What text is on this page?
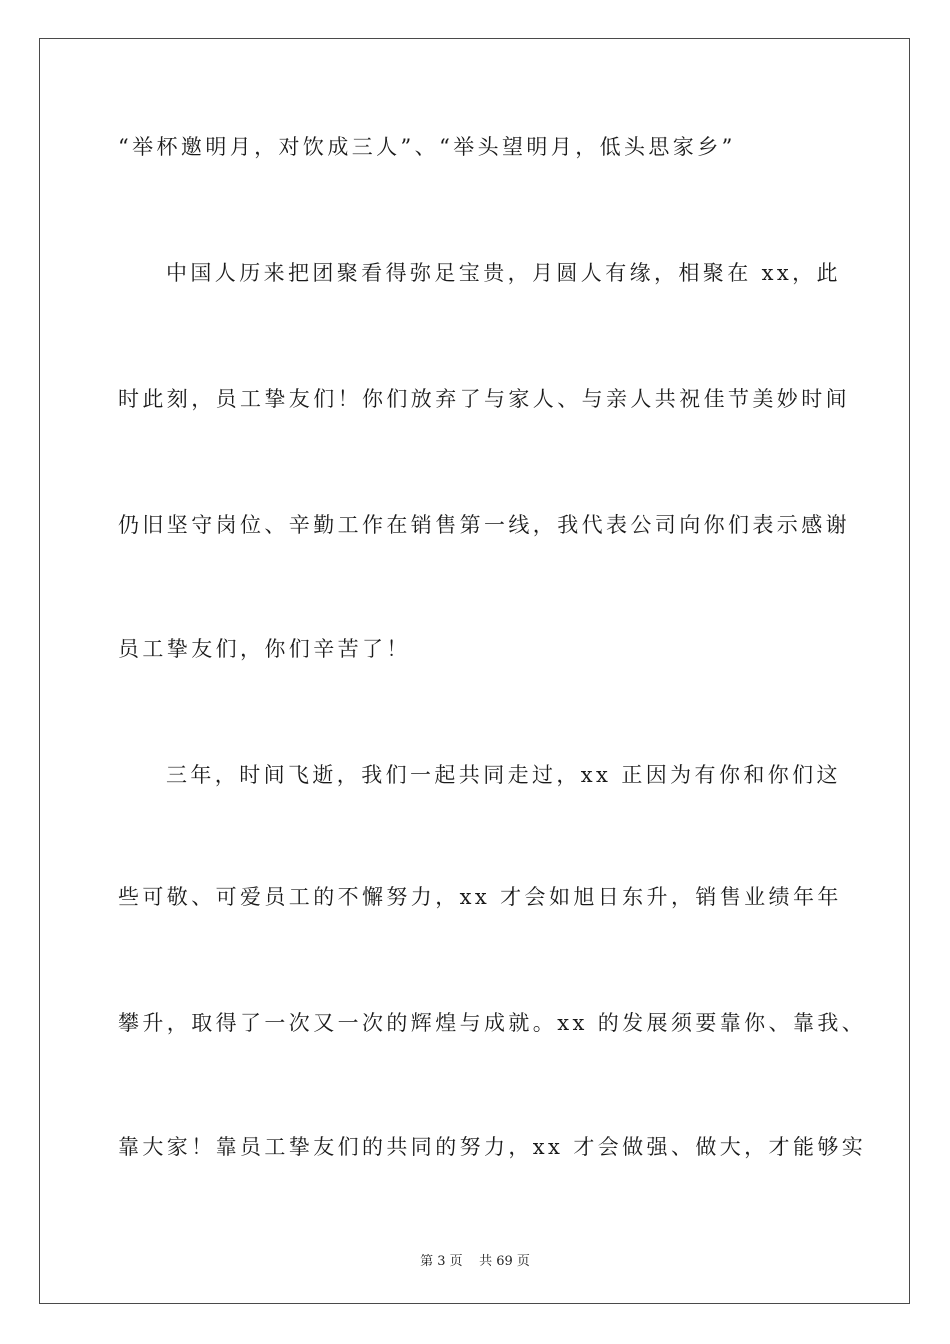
“举杯邀明月，对饮成三人”、“举头望明月，低头思家乡”
中国人历来把团聚看得弥足宝贵，月圆人有缘，相聚在 xx，此
时此刻，员工挚友们！你们放弃了与家人、与亲人共祝佳节美妙时间
仍旧坚守岗位、辛勤工作在销售第一线，我代表公司向你们表示感谢
员工挚友们，你们辛苦了！
三年，时间飞逝，我们一起共同走过，xx 正因为有你和你们这
些可敬、可爱员工的不懈努力，xx 才会如旭日东升，销售业绩年年
攀升，取得了一次又一次的辉煌与成就。xx 的发展须要靠你、靠我、
靠大家！靠员工挚友们的共同的努力，xx 才会做强、做大，才能够实
第 3 页    共 69 页
